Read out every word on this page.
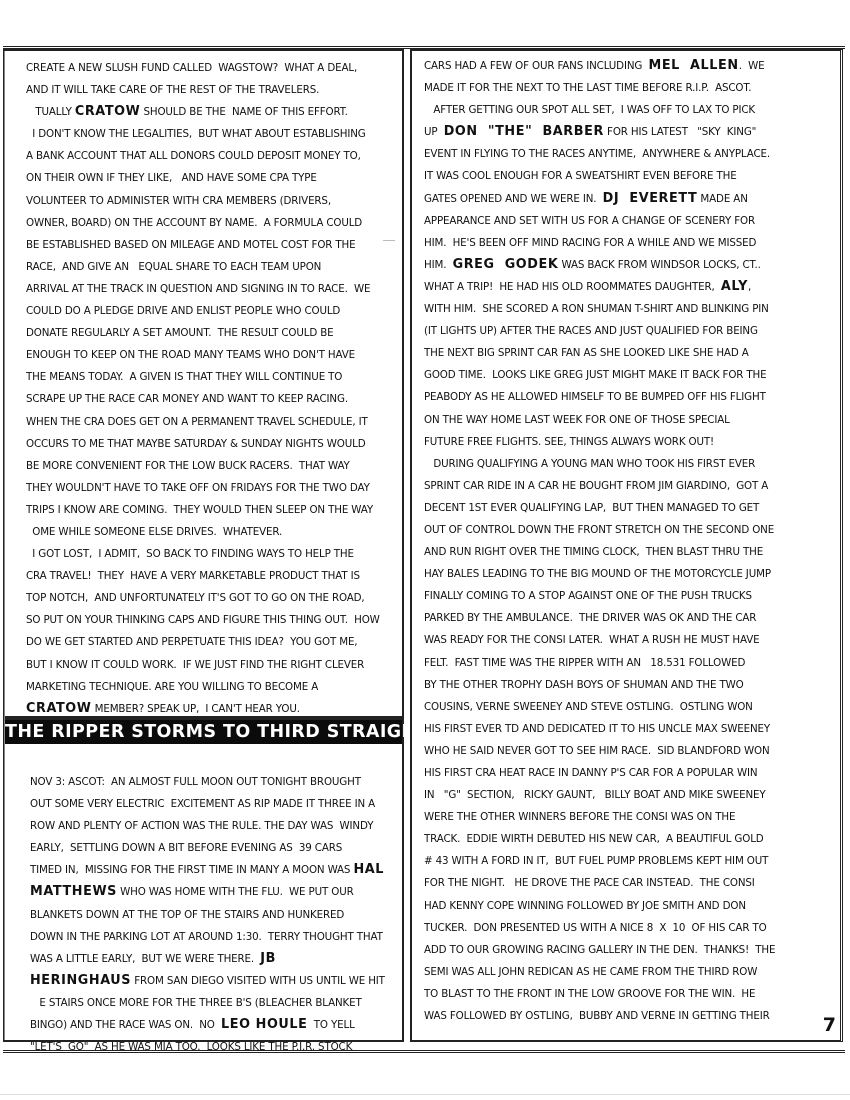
CREATE A NEW SLUSH FUND CALLED  WAGSTOW?  WHAT A DEAL,
AND IT WILL TAKE CARE OF THE REST OF THE TRAVELERS.
TUALLY CRATOW SHOULD BE THE  NAME OF THIS EFFORT.
I DON'T KNOW THE LEGALITIES,  BUT WHAT ABOUT ESTABLISHING
A BANK ACCOUNT THAT ALL DONORS COULD DEPOSIT MONEY TO,
ON THEIR OWN IF THEY LIKE,   AND HAVE SOME CPA TYPE
VOLUNTEER TO ADMINISTER WITH CRA MEMBERS (DRIVERS,
OWNER, BOARD) ON THE ACCOUNT BY NAME.  A FORMULA COULD
BE ESTABLISHED BASED ON MILEAGE AND MOTEL COST FOR THE
RACE,  AND GIVE AN   EQUAL SHARE TO EACH TEAM UPON
ARRIVAL AT THE TRACK IN QUESTION AND SIGNING IN TO RACE.  WE
COULD DO A PLEDGE DRIVE AND ENLIST PEOPLE WHO COULD
DONATE REGULARLY A SET AMOUNT.  THE RESULT COULD BE
ENOUGH TO KEEP ON THE ROAD MANY TEAMS WHO DON'T HAVE
THE MEANS TODAY.  A GIVEN IS THAT THEY WILL CONTINUE TO
SCRAPE UP THE RACE CAR MONEY AND WANT TO KEEP RACING.
WHEN THE CRA DOES GET ON A PERMANENT TRAVEL SCHEDULE, IT
OCCURS TO ME THAT MAYBE SATURDAY & SUNDAY NIGHTS WOULD
BE MORE CONVENIENT FOR THE LOW BUCK RACERS.  THAT WAY
THEY WOULDN'T HAVE TO TAKE OFF ON FRIDAYS FOR THE TWO DAY
TRIPS I KNOW ARE COMING.  THEY WOULD THEN SLEEP ON THE WAY
OME WHILE SOMEONE ELSE DRIVES.  WHATEVER.
I GOT LOST,  I ADMIT,  SO BACK TO FINDING WAYS TO HELP THE
CRA TRAVEL!  THEY  HAVE A VERY MARKETABLE PRODUCT THAT IS
TOP NOTCH,  AND UNFORTUNATELY IT'S GOT TO GO ON THE ROAD,
SO PUT ON YOUR THINKING CAPS AND FIGURE THIS THING OUT.  HOW
DO WE GET STARTED AND PERPETUATE THIS IDEA?  YOU GOT ME,
BUT I KNOW IT COULD WORK.  IF WE JUST FIND THE RIGHT CLEVER
MARKETING TECHNIQUE. ARE YOU WILLING TO BECOME A
CRATOW MEMBER? SPEAK UP,  I CAN'T HEAR YOU.
THE RIPPER STORMS TO THIRD STRAIGHT
NOV 3: ASCOT:  AN ALMOST FULL MOON OUT TONIGHT BROUGHT
OUT SOME VERY ELECTRIC  EXCITEMENT AS RIP MADE IT THREE IN A
ROW AND PLENTY OF ACTION WAS THE RULE. THE DAY WAS  WINDY
EARLY,  SETTLING DOWN A BIT BEFORE EVENING AS  39 CARS
TIMED IN,  MISSING FOR THE FIRST TIME IN MANY A MOON WAS HAL
MATTHEWS WHO WAS HOME WITH THE FLU.  WE PUT OUR
BLANKETS DOWN AT THE TOP OF THE STAIRS AND HUNKERED
DOWN IN THE PARKING LOT AT AROUND 1:30.  TERRY THOUGHT THAT
WAS A LITTLE EARLY,  BUT WE WERE THERE.  JB
HERINGHAUS FROM SAN DIEGO VISITED WITH US UNTIL WE HIT
E STAIRS ONCE MORE FOR THE THREE B'S (BLEACHER BLANKET
BINGO) AND THE RACE WAS ON.  NO  LEO HOULE  TO YELL
"LET'S  GO"  AS HE WAS MIA TOO.  LOOKS LIKE THE P.I.R. STOCK
CARS HAD A FEW OF OUR FANS INCLUDING  MEL  ALLEN.  WE
MADE IT FOR THE NEXT TO THE LAST TIME BEFORE R.I.P.  ASCOT.
AFTER GETTING OUR SPOT ALL SET,  I WAS OFF TO LAX TO PICK
UP  DON  "THE"  BARBER FOR HIS LATEST   "SKY  KING"
EVENT IN FLYING TO THE RACES ANYTIME,  ANYWHERE & ANYPLACE.
IT WAS COOL ENOUGH FOR A SWEATSHIRT EVEN BEFORE THE
GATES OPENED AND WE WERE IN.  DJ  EVERETT MADE AN
APPEARANCE AND SET WITH US FOR A CHANGE OF SCENERY FOR
HIM.  HE'S BEEN OFF MIND RACING FOR A WHILE AND WE MISSED
HIM.  GREG  GODEK WAS BACK FROM WINDSOR LOCKS, CT..
WHAT A TRIP!  HE HAD HIS OLD ROOMMATES DAUGHTER,  ALY,
WITH HIM.  SHE SCORED A RON SHUMAN T-SHIRT AND BLINKING PIN
(IT LIGHTS UP) AFTER THE RACES AND JUST QUALIFIED FOR BEING
THE NEXT BIG SPRINT CAR FAN AS SHE LOOKED LIKE SHE HAD A
GOOD TIME.  LOOKS LIKE GREG JUST MIGHT MAKE IT BACK FOR THE
PEABODY AS HE ALLOWED HIMSELF TO BE BUMPED OFF HIS FLIGHT
ON THE WAY HOME LAST WEEK FOR ONE OF THOSE SPECIAL
FUTURE FREE FLIGHTS. SEE, THINGS ALWAYS WORK OUT!
DURING QUALIFYING A YOUNG MAN WHO TOOK HIS FIRST EVER
SPRINT CAR RIDE IN A CAR HE BOUGHT FROM JIM GIARDINO,  GOT A
DECENT 1ST EVER QUALIFYING LAP,  BUT THEN MANAGED TO GET
OUT OF CONTROL DOWN THE FRONT STRETCH ON THE SECOND ONE
AND RUN RIGHT OVER THE TIMING CLOCK,  THEN BLAST THRU THE
HAY BALES LEADING TO THE BIG MOUND OF THE MOTORCYCLE JUMP
FINALLY COMING TO A STOP AGAINST ONE OF THE PUSH TRUCKS
PARKED BY THE AMBULANCE.  THE DRIVER WAS OK AND THE CAR
WAS READY FOR THE CONSI LATER.  WHAT A RUSH HE MUST HAVE
FELT.  FAST TIME WAS THE RIPPER WITH AN   18.531 FOLLOWED
BY THE OTHER TROPHY DASH BOYS OF SHUMAN AND THE TWO
COUSINS, VERNE SWEENEY AND STEVE OSTLING.  OSTLING WON
HIS FIRST EVER TD AND DEDICATED IT TO HIS UNCLE MAX SWEENEY
WHO HE SAID NEVER GOT TO SEE HIM RACE.  SID BLANDFORD WON
HIS FIRST CRA HEAT RACE IN DANNY P'S CAR FOR A POPULAR WIN
IN   "G"  SECTION,   RICKY GAUNT,   BILLY BOAT AND MIKE SWEENEY
WERE THE OTHER WINNERS BEFORE THE CONSI WAS ON THE
TRACK.  EDDIE WIRTH DEBUTED HIS NEW CAR,  A BEAUTIFUL GOLD
# 43 WITH A FORD IN IT,  BUT FUEL PUMP PROBLEMS KEPT HIM OUT
FOR THE NIGHT.   HE DROVE THE PACE CAR INSTEAD.  THE CONSI
HAD KENNY COPE WINNING FOLLOWED BY JOE SMITH AND DON
TUCKER.  DON PRESENTED US WITH A NICE 8  X  10  OF HIS CAR TO
ADD TO OUR GROWING RACING GALLERY IN THE DEN.  THANKS!  THE
SEMI WAS ALL JOHN REDICAN AS HE CAME FROM THE THIRD ROW
TO BLAST TO THE FRONT IN THE LOW GROOVE FOR THE WIN.  HE
WAS FOLLOWED BY OSTLING,  BUBBY AND VERNE IN GETTING THEIR	7
